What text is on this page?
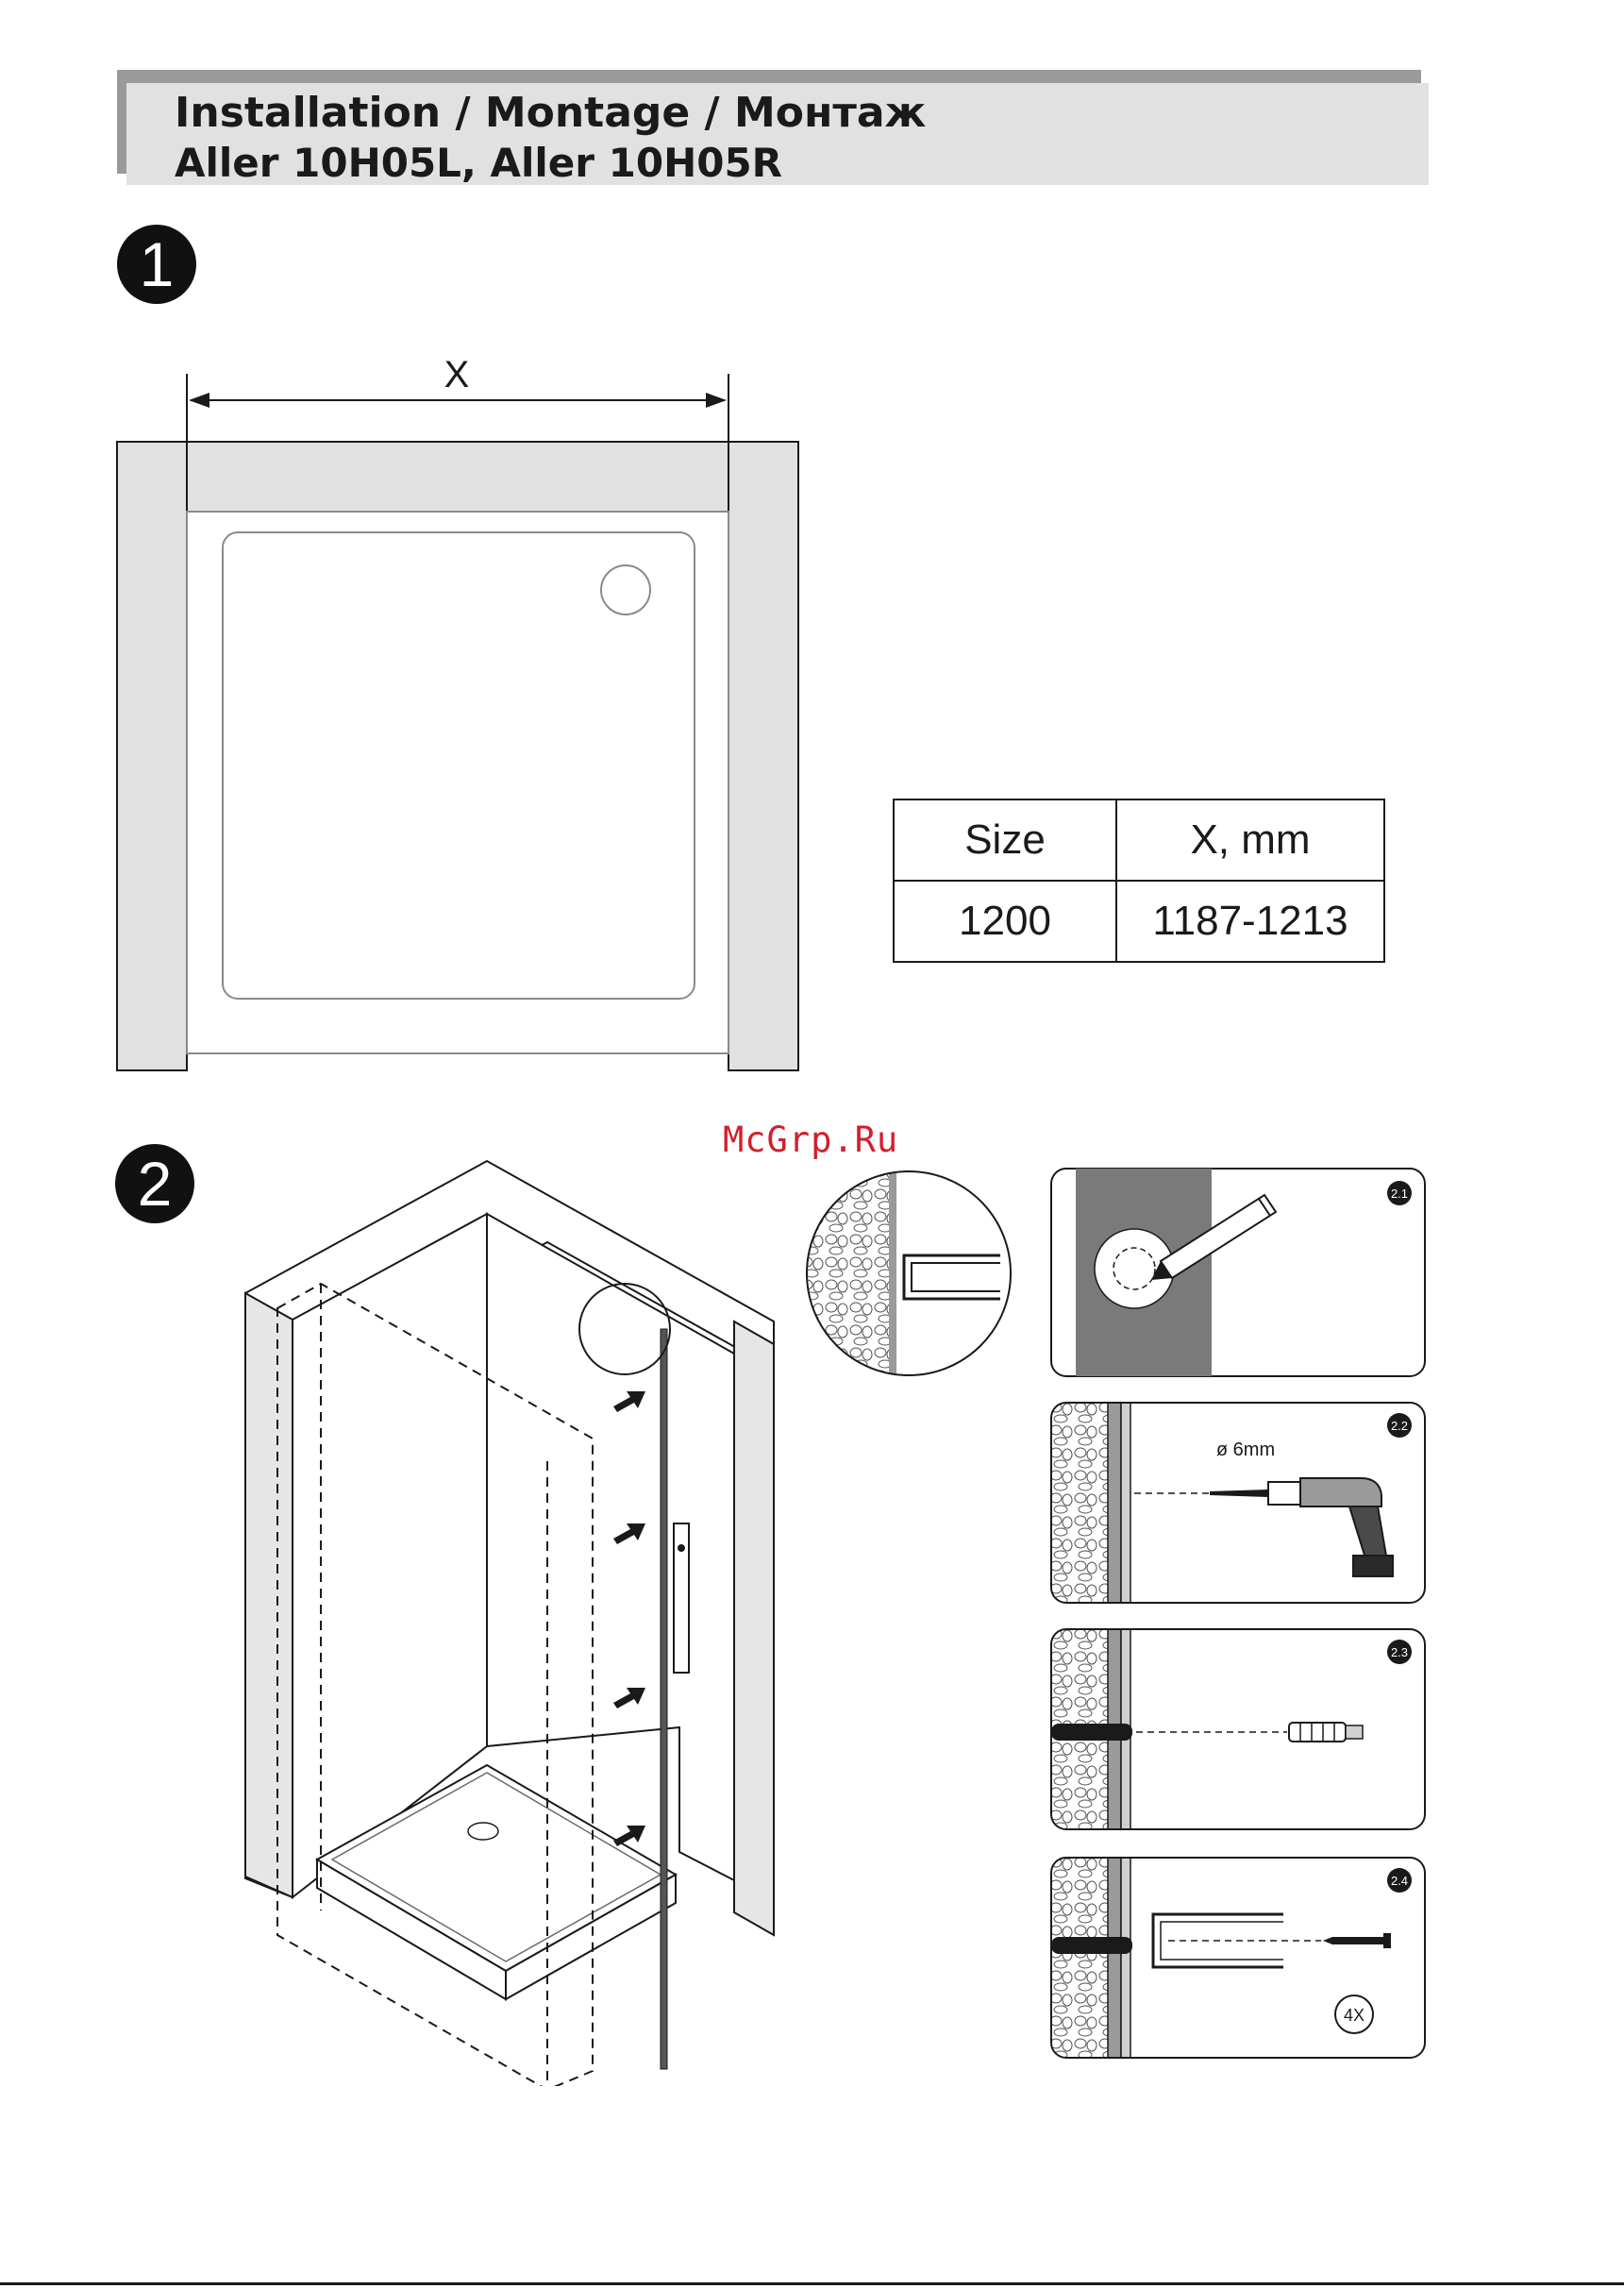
Installation / Montage / Монтаж
Aller 10H05L, Aller 10H05R
1
X
Size	X, mm
1200	1187-1213
McGrp.Ru
2	2.1
ø 6mm
2.2
2.3
4X
2.4
